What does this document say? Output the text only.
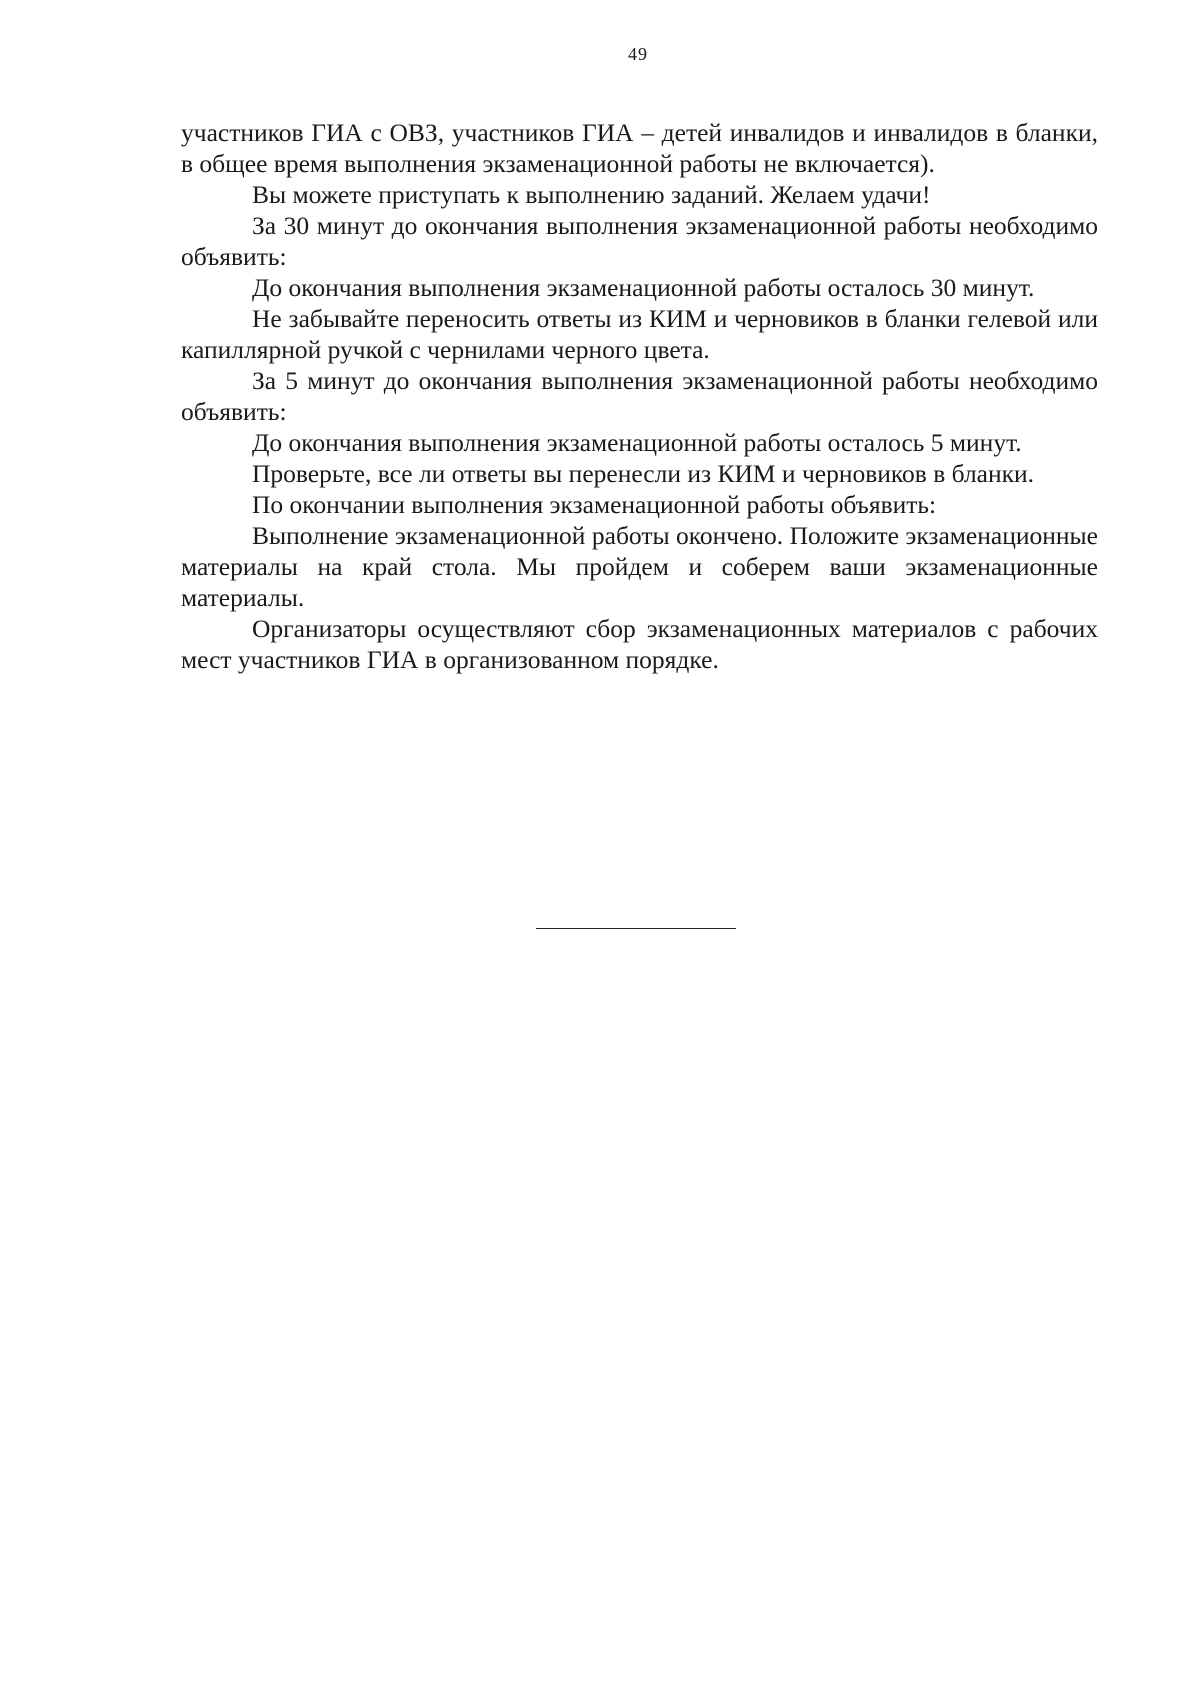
49

участников ГИА с ОВЗ, участников ГИА – детей инвалидов и инвалидов в бланки, в общее время выполнения экзаменационной работы не включается).

Вы можете приступать к выполнению заданий. Желаем удачи!

За 30 минут до окончания выполнения экзаменационной работы необходимо объявить:

До окончания выполнения экзаменационной работы осталось 30 минут.

Не забывайте переносить ответы из КИМ и черновиков в бланки гелевой или капиллярной ручкой с чернилами черного цвета.

За 5 минут до окончания выполнения экзаменационной работы необходимо объявить:

До окончания выполнения экзаменационной работы осталось 5 минут.

Проверьте, все ли ответы вы перенесли из КИМ и черновиков в бланки.

По окончании выполнения экзаменационной работы объявить:

Выполнение экзаменационной работы окончено. Положите экзаменационные материалы на край стола. Мы пройдем и соберем ваши экзаменационные материалы.

Организаторы осуществляют сбор экзаменационных материалов с рабочих мест участников ГИА в организованном порядке.
